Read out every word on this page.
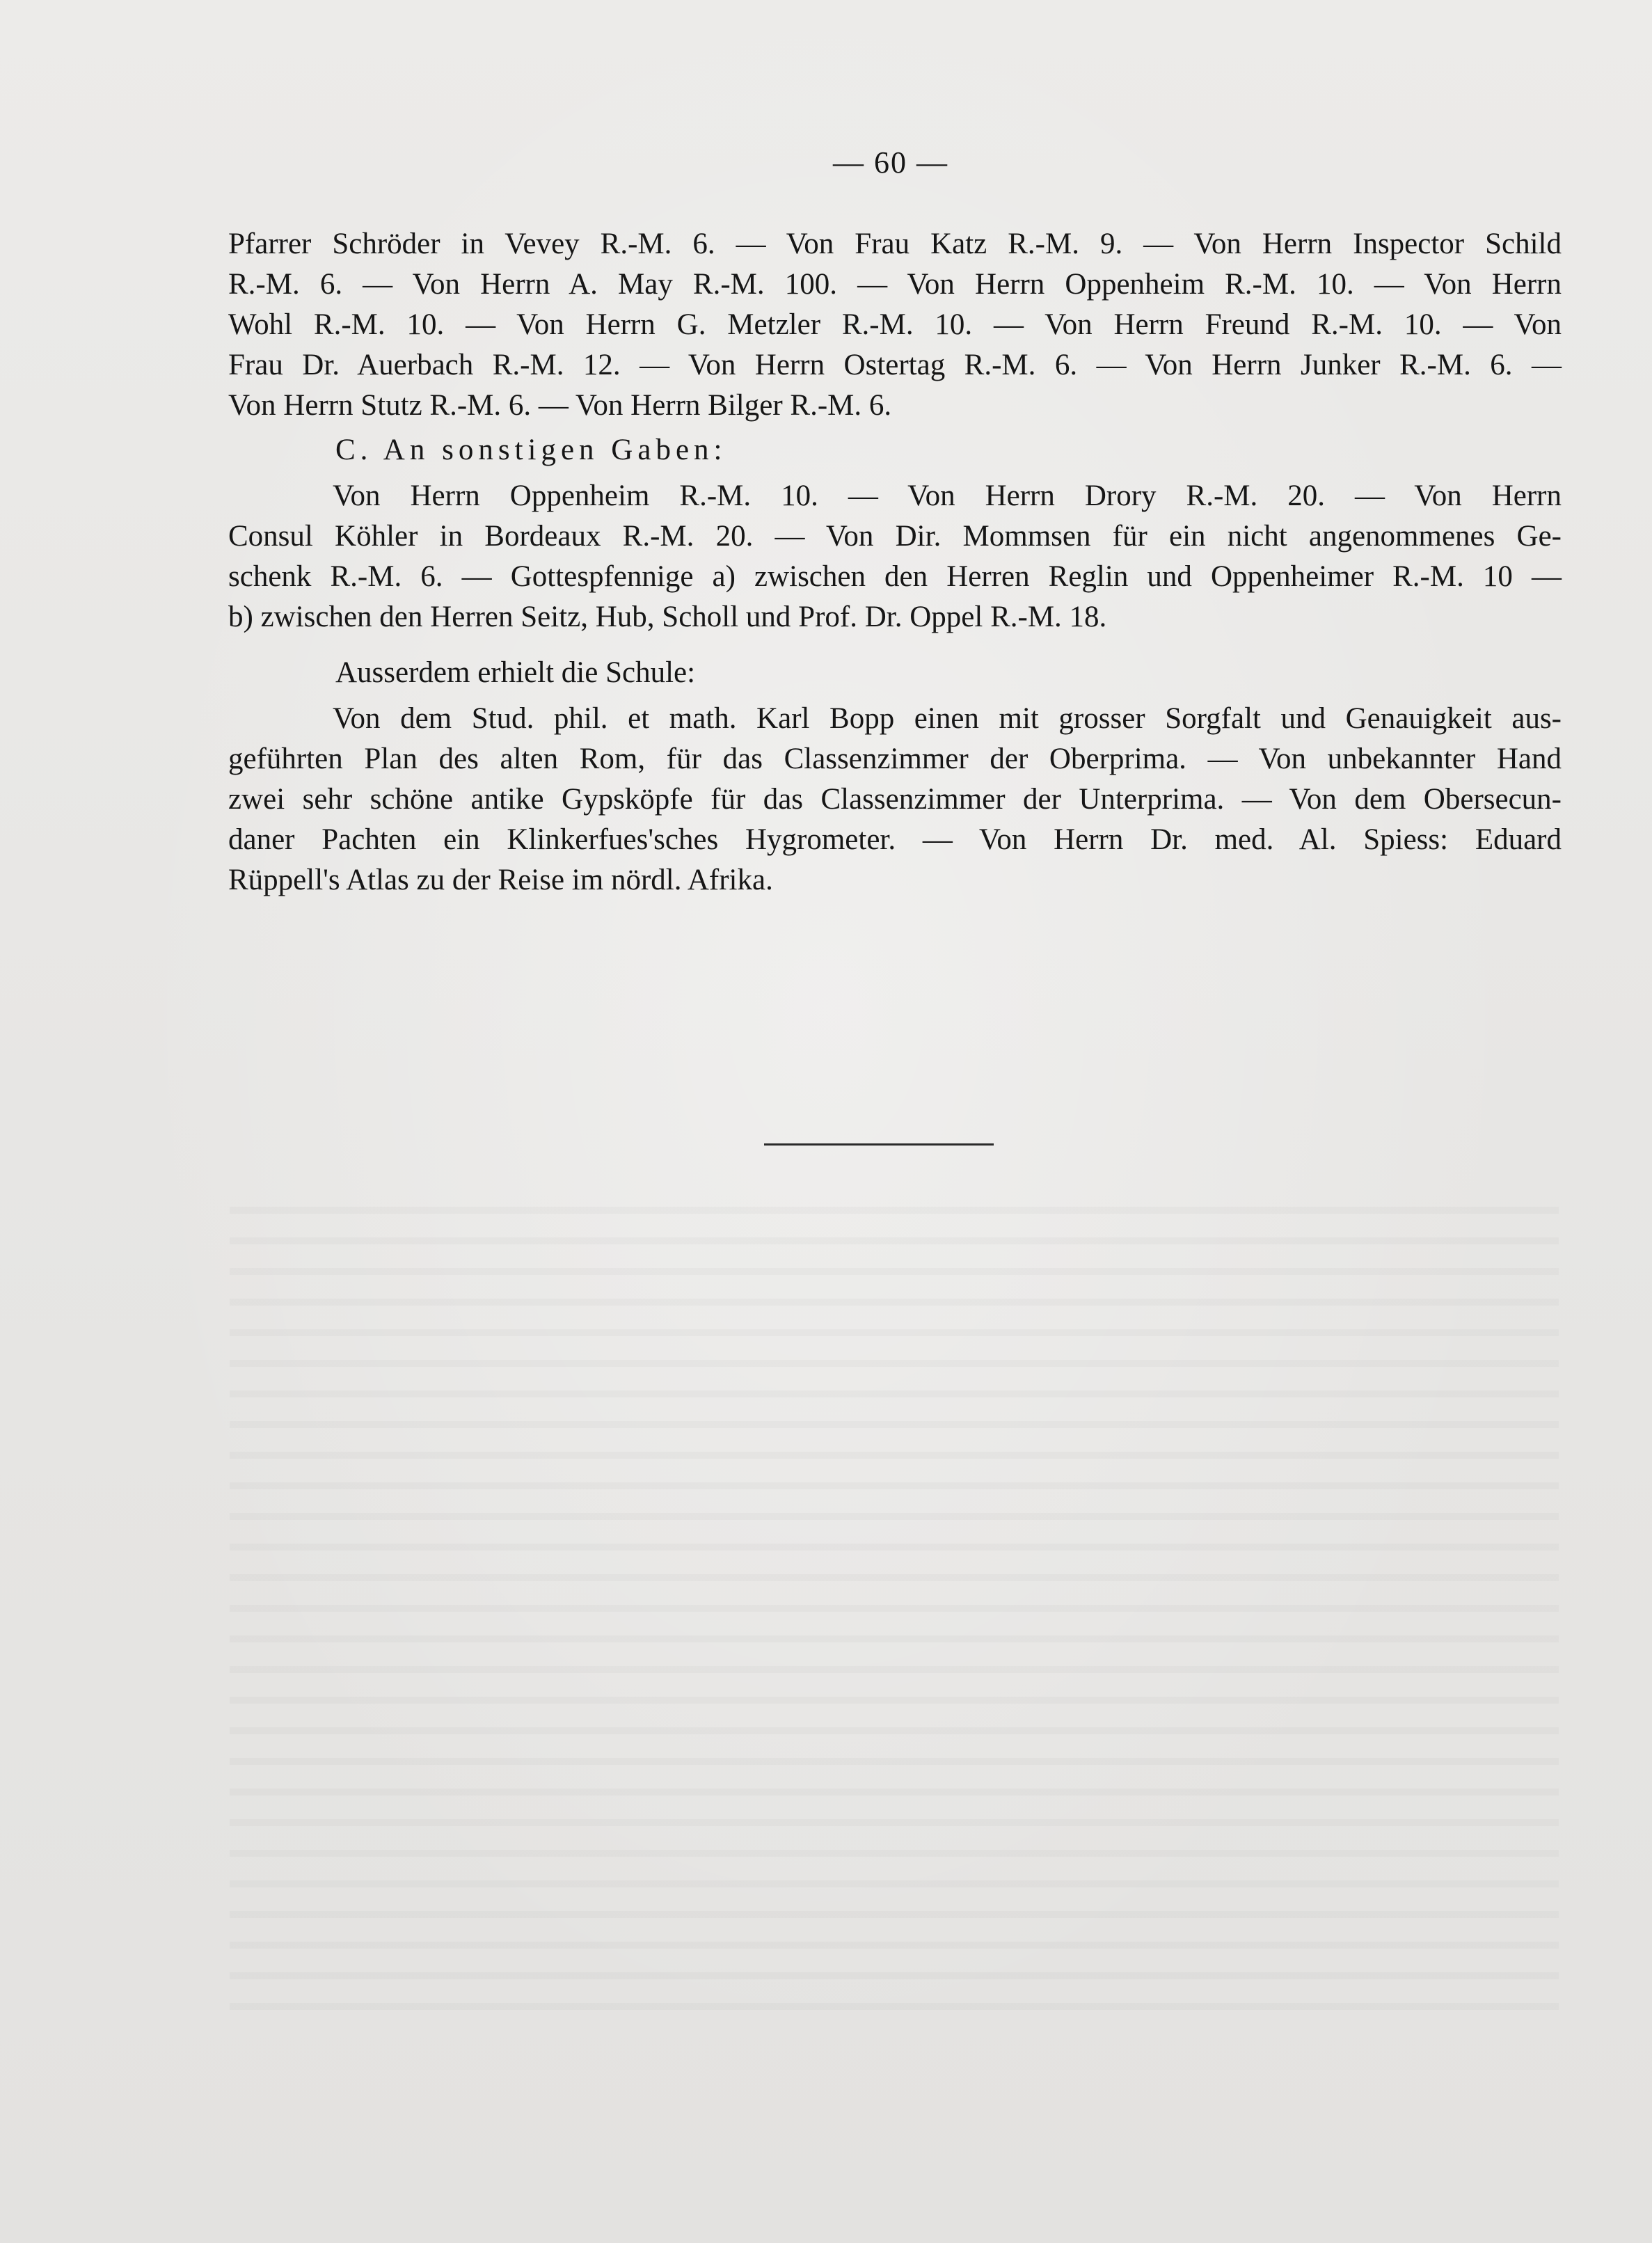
— 60 —
Pfarrer Schröder in Vevey R.-M. 6. — Von Frau Katz R.-M. 9. — Von Herrn Inspector Schild
R.-M. 6. — Von Herrn A. May R.-M. 100. — Von Herrn Oppenheim R.-M. 10. — Von Herrn
Wohl R.-M. 10. — Von Herrn G. Metzler R.-M. 10. — Von Herrn Freund R.-M. 10. — Von
Frau Dr. Auerbach R.-M. 12. — Von Herrn Ostertag R.-M. 6. — Von Herrn Junker R.-M. 6. —
Von Herrn Stutz R.-M. 6. — Von Herrn Bilger R.-M. 6.
C. An sonstigen Gaben:
Von Herrn Oppenheim R.-M. 10. — Von Herrn Drory R.-M. 20. — Von Herrn
Consul Köhler in Bordeaux R.-M. 20. — Von Dir. Mommsen für ein nicht angenommenes Ge-
schenk R.-M. 6. — Gottespfennige a) zwischen den Herren Reglin und Oppenheimer R.-M. 10 —
b) zwischen den Herren Seitz, Hub, Scholl und Prof. Dr. Oppel R.-M. 18.
Ausserdem erhielt die Schule:
Von dem Stud. phil. et math. Karl Bopp einen mit grosser Sorgfalt und Genauigkeit aus-
geführten Plan des alten Rom, für das Classenzimmer der Oberprima. — Von unbekannter Hand
zwei sehr schöne antike Gypsköpfe für das Classenzimmer der Unterprima. — Von dem Obersecun-
daner Pachten ein Klinkerfues'sches Hygrometer. — Von Herrn Dr. med. Al. Spiess: Eduard
Rüppell's Atlas zu der Reise im nördl. Afrika.
